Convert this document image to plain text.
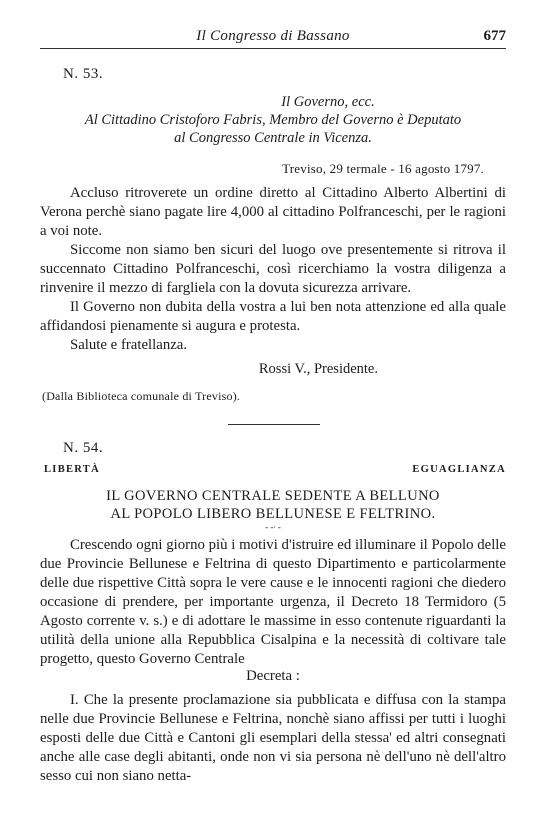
Il Congresso di Bassano	677
N. 53.
Il Governo, ecc.
Al Cittadino Cristoforo Fabris, Membro del Governo è Deputato
al Congresso Centrale in Vicenza.
Treviso, 29 termale - 16 agosto 1797.

Accluso ritroverete un ordine diretto al Cittadino Alberto Albertini di Verona perchè siano pagate lire 4,000 al cittadino Polfranceschi, per le ragioni a voi note.

Siccome non siamo ben sicuri del luogo ove presentemente si ritrova il succennato Cittadino Polfranceschi, così ricerchiamo la vostra diligenza a rinvenire il mezzo di fargliela con la dovuta sicurezza arrivare.

Il Governo non dubita della vostra a lui ben nota attenzione ed alla quale affidandosi pienamente si augura e protesta.

Salute e fratellanza.

Rossi V., Presidente.
(Dalla Biblioteca comunale di Treviso).
N. 54.
LIBERTÀ	EGUAGLIANZA
IL GOVERNO CENTRALE SEDENTE A BELLUNO
AL POPOLO LIBERO BELLUNESE E FELTRINO.
- -∙ -

Crescendo ogni giorno più i motivi d'istruire ed illuminare il Popolo delle due Provincie Bellunese e Feltrina di questo Dipartimento e particolarmente delle due rispettive Città sopra le vere cause e le innocenti ragioni che diedero occasione di prendere, per importante urgenza, il Decreto 18 Termidoro (5 Agosto corrente v. s.) e di adottare le massime in esso contenute riguardanti la utilità della unione alla Repubblica Cisalpina e la necessità di coltivare tale progetto, questo Governo Centrale

Decreta :

I. Che la presente proclamazione sia pubblicata e diffusa con la stampa nelle due Provincie Bellunese e Feltrina, nonchè siano affissi per tutti i luoghi esposti delle due Città e Cantoni gli esemplari della stessa' ed altri consegnati anche alle case degli abitanti, onde non vi sia persona nè dell'uno nè dell'altro sesso cui non siano netta-
